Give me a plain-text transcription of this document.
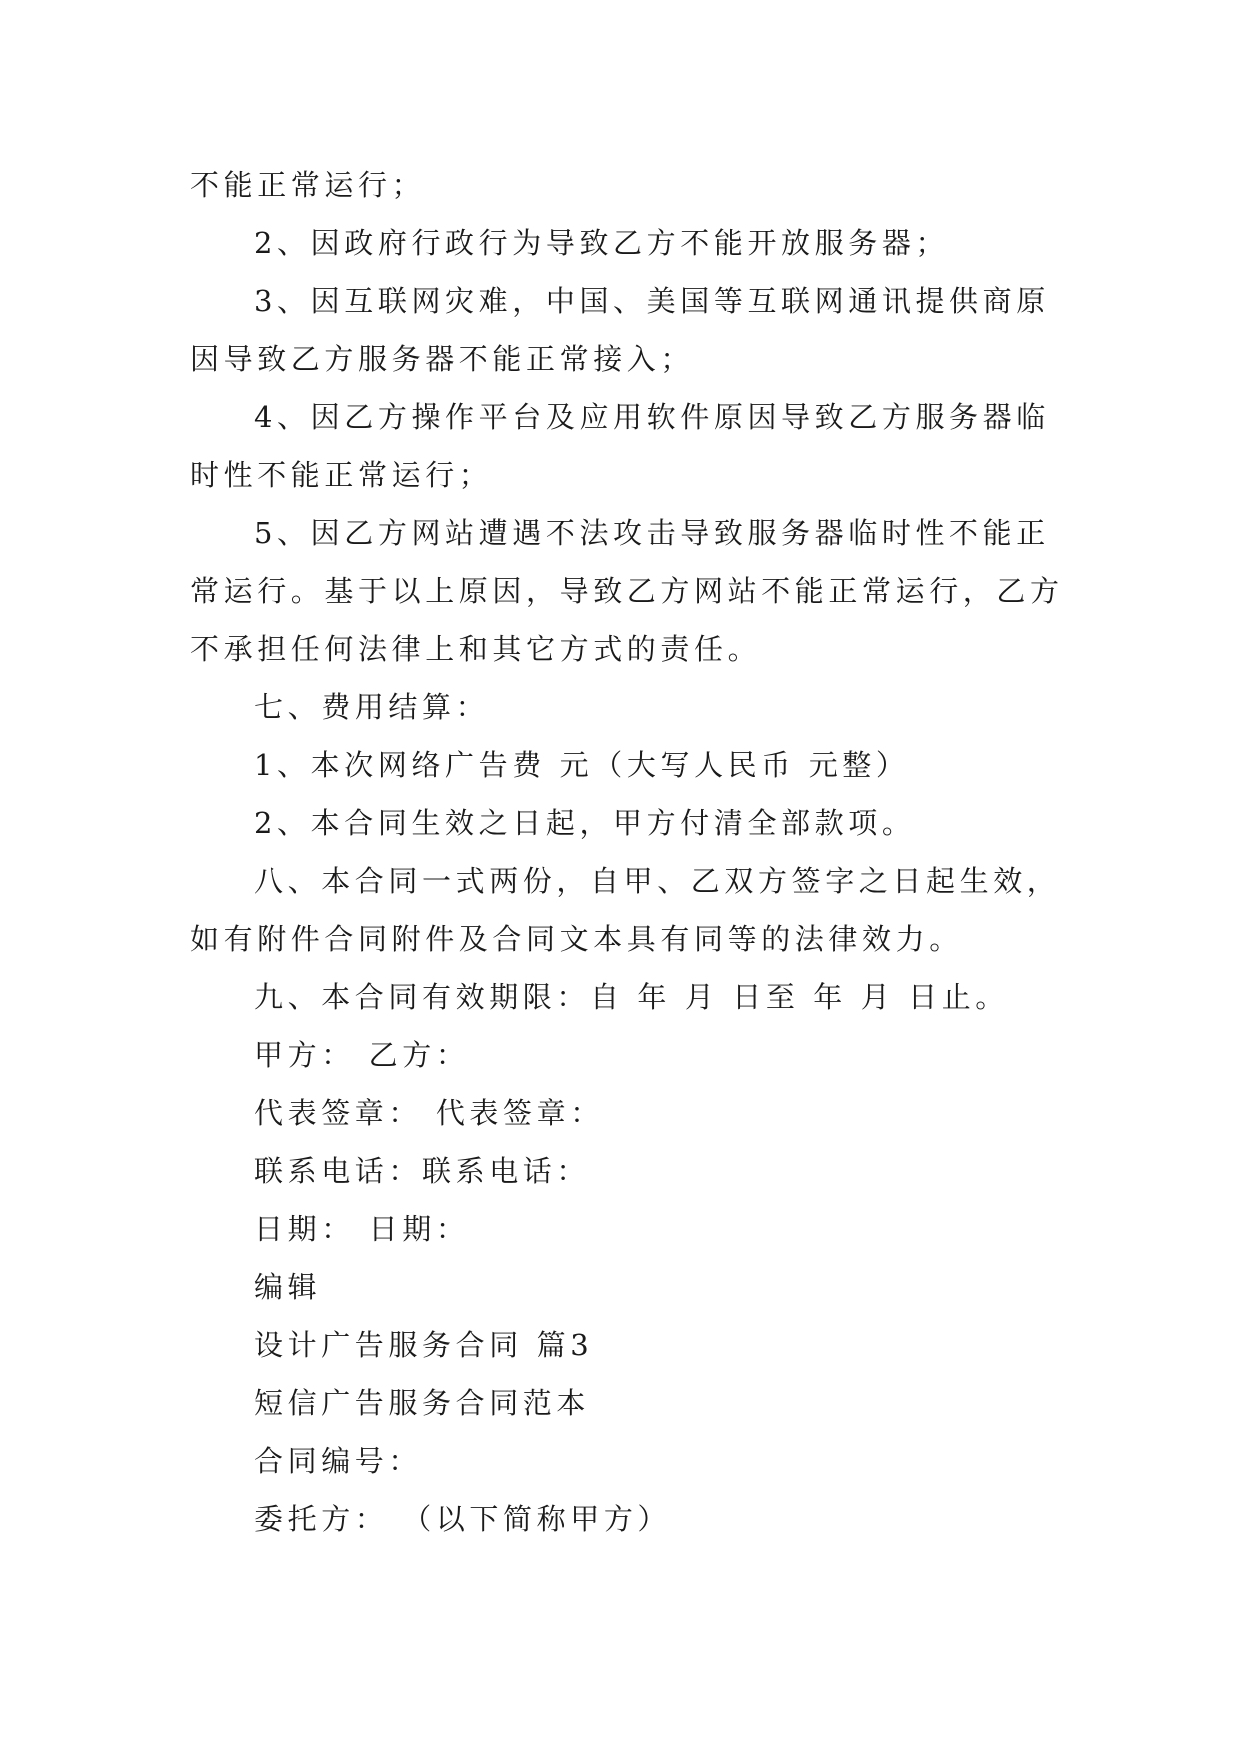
不能正常运行；
2、因政府行政行为导致乙方不能开放服务器；
3、因互联网灾难，中国、美国等互联网通讯提供商原
因导致乙方服务器不能正常接入；
4、因乙方操作平台及应用软件原因导致乙方服务器临
时性不能正常运行；
5、因乙方网站遭遇不法攻击导致服务器临时性不能正
常运行。基于以上原因，导致乙方网站不能正常运行，乙方
不承担任何法律上和其它方式的责任。
七、费用结算：
1、本次网络广告费 元（大写人民币 元整）
2、本合同生效之日起，甲方付清全部款项。
八、本合同一式两份，自甲、乙双方签字之日起生效，
如有附件合同附件及合同文本具有同等的法律效力。
九、本合同有效期限：自 年 月 日至 年 月 日止。
甲方： 乙方：
代表签章： 代表签章：
联系电话：联系电话：
日期： 日期：
编辑
设计广告服务合同 篇3
短信广告服务合同范本
合同编号：
委托方： （以下简称甲方）
